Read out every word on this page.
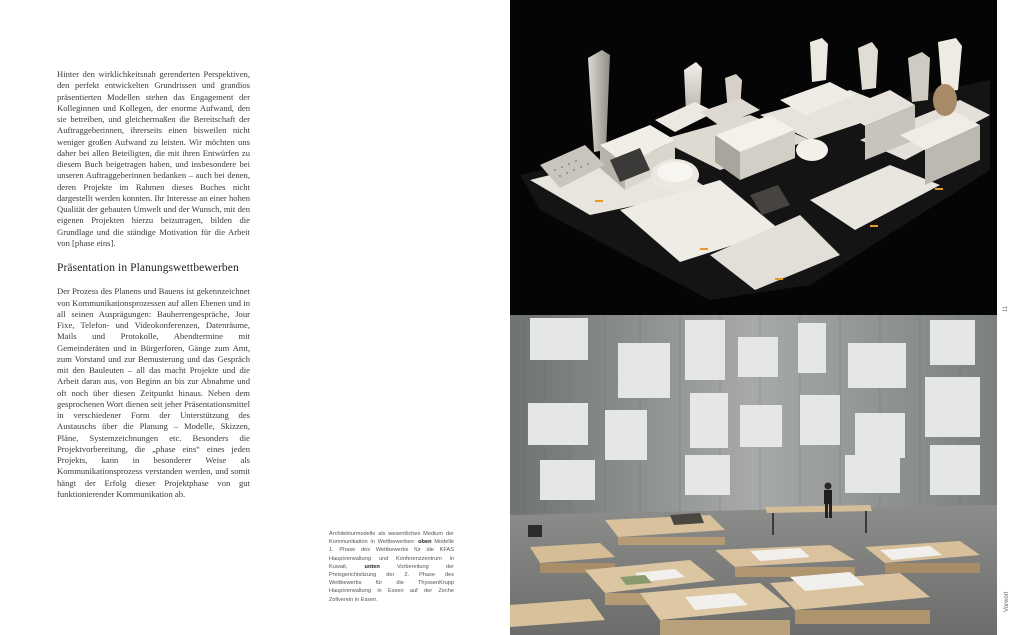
Hinter den wirklichkeitsnah gerenderten Perspektiven, den perfekt entwickelten Grundrissen und grandios präsentierten Modellen stehen das Engagement der Kolleginnen und Kollegen, der enorme Aufwand, den sie betreiben, und gleichermaßen die Bereitschaft der Auftraggeberinnen, ihrerseits einen bisweilen nicht weniger großen Aufwand zu leisten. Wir möchten uns daher bei allen Beteiligten, die mit ihren Entwürfen zu diesem Buch beigetragen haben, und insbesondere bei unseren Auftraggeberinnen bedanken – auch bei denen, deren Projekte im Rahmen dieses Buches nicht dargestellt werden konnten. Ihr Interesse an einer hohen Qualität der gebauten Umwelt und der Wunsch, mit den eigenen Projekten hierzu beizutragen, bilden die Grundlage und die ständige Motivation für die Arbeit von [phase eins].

Präsentation in Planungswettbewerben

Der Prozess des Planens und Bauens ist gekennzeichnet von Kommunikationsprozessen auf allen Ebenen und in all seinen Ausprägungen: Bauherrengespräche, Jour Fixe, Telefon- und Videokonferenzen, Datenräume, Mails und Protokolle, Abendtermine mit Gemeinderäten und in Bürgerforen, Gänge zum Amt, zum Vorstand und zur Bemusterung und das Gespräch mit den Bauleuten – all das macht Projekte und die Arbeit daran aus, von Beginn an bis zur Abnahme und oft noch über diesen Zeitpunkt hinaus. Neben dem gesprochenen Wort dienen seit jeher Präsentationsmittel in verschiedener Form der Unterstützung des Austauschs über die Planung – Modelle, Skizzen, Pläne, Systemzeichnungen etc. Besonders die Projektvorbereitung, die „phase eins“ eines jeden Projekts, kann in besonderer Weise als Kommunikationsprozess verstanden werden, und somit hängt der Erfolg dieser Projektphase von gut funktionierender Kommunikation ab.

Architekturmodelle als wesentliches Medium der Kommunikation in Wettbewerben: oben Modelle 1. Phase des Wettbewerbs für die KFAS Hauptverwaltung und Konferenzzentrum in Kuwait, unten Vorbereitung der Preisgerichtsitzung der 2. Phase des Wettbewerbs für die ThyssenKrupp Hauptverwaltung in Essen auf der Zeche Zollverein in Essen.
11
Vorwort
